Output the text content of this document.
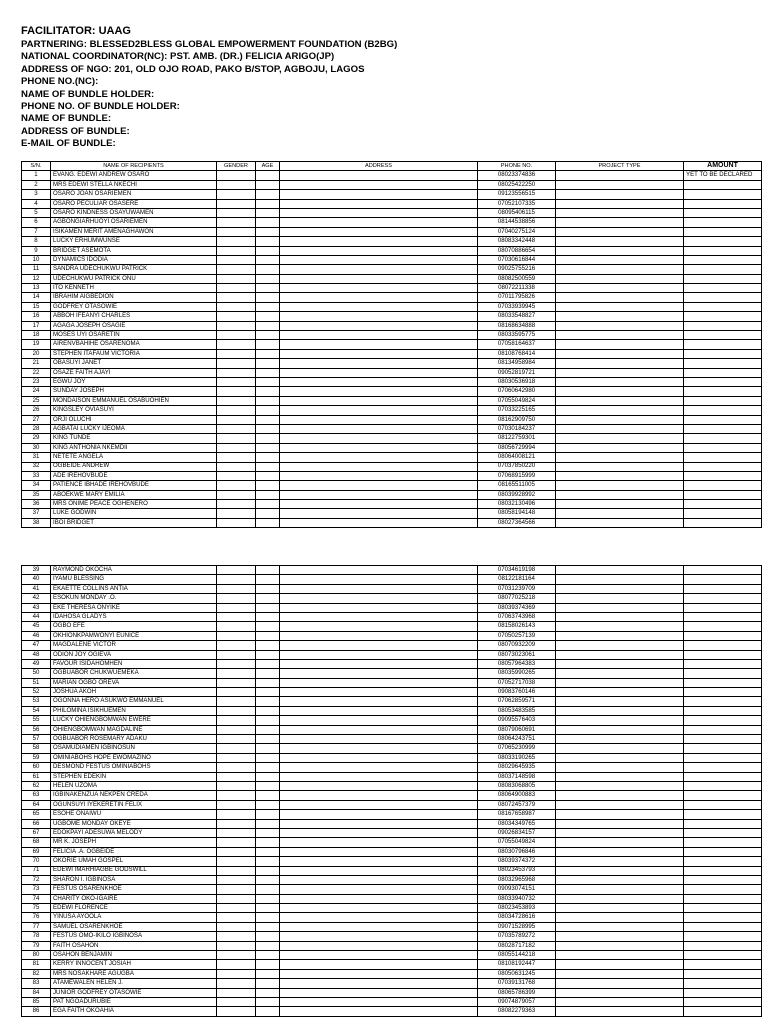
FACILITATOR: UAAG
PARTNERING: BLESSED2BLESS GLOBAL EMPOWERMENT FOUNDATION (B2BG)
NATIONAL COORDINATOR(NC): PST. AMB. (DR.) FELICIA ARIGO(JP)
ADDRESS OF NGO: 201, OLD OJO ROAD, PAKO B/STOP, AGBOJU, LAGOS
PHONE NO.(NC):
NAME OF BUNDLE HOLDER:
PHONE NO. OF BUNDLE HOLDER:
NAME OF BUNDLE:
ADDRESS OF BUNDLE:
E-MAIL OF BUNDLE:
S/N.	NAME OF RECIPIENTS	GENDER	AGE	ADDRESS	PHONE NO.	PROJECT TYPE	AMOUNT
1	EVANG. EDEWI ANDREW OSARO				08023374836		YET TO BE DECLARED
2	MRS EDEWI STELLA NKECHI				08025422250		
3	OSARO JOAN OSARIEMEN				09123556515		
4	OSARO PECULIAR OSASERE				07052107335		
5	OSARO KINDNESS OSAYUWAMEN				08095406115		
6	AGBONGIARHUOYI OSARIEMEN				08144538856		
7	ISIKAMEN MERIT AMENAGHAWON				07040275124		
8	LUCKY ERHUMWUNSE				08083342448		
9	BRIDGET ASEMOTA				08070886654		
10	DYNAMICS IDODIA				07030616844		
11	SANDRA UDECHUKWU PATRICK				09025755216		
12	UDECHUKWU PATRICK ONU				08082500559		
13	ITO KENNETH				08072211338		
14	IBRAHIM AIGBEDION				07011795826		
15	GODFREY OTASOWIE				07033939945		
16	ABBOH IFEANYI CHARLES				08033548827		
17	AGAGA JOSEPH OSAGIE				08168634888		
18	MOSES UYI OSARETIN				08033595775		
19	AIRENVBAHIHE OSARENOMA				07058164637		
20	STEPHEN ITAFAUM VICTORIA				08108768414		
21	OBASUYI JANET				08134958984		
22	OSAZE FAITH AJAYI				09052819721		
23	EGWU JOY				08030536918		
24	SUNDAY JOSEPH				07060642980		
25	MONDAISON EMMANUEL OSABUOHIEN				07055049824		
26	KINGSLEY OVIASUYI				07033225165		
27	ORJI OLUCHI				08162909750		
28	AGBATAI LUCKY IJEOMA				07030184237		
29	KING TUNDE				08122759301		
30	KING ANTHONIA NKEMDII				08056729994		
31	NETETE ANGELA				08064008121		
32	OGBEIDE ANDREW				07037850220		
33	ADE IREHOVBUDE				07068915999		
34	PATIENCE IBHADE IREHOVBUDE				08165511005		
35	ABOEKWE MARY EMILIA				08039928992		
36	MRS ONIME PEACE OGHENERO				08032130496		
37	LUKE GODWIN				08058194148		
38	IBOI BRIDGET				08027364566		
39	RAYMOND OKOCHA				07034619198		
40	IYAMU BLESSING				08122181164		
41	EKAETTE COLLINS ANTIA				07031239709		
42	ESOKUN MONDAY .O.				08077025218		
43	EKE THERESA ONYIKE				08039374369		
44	IDAHOSA GLADYS				07063743968		
45	OGBO EFE				08158026143		
46	OKHIONKPAMWONYI EUNICE				07050257139		
47	MAGDALENE VICTOR				08070932209		
48	ODION JOY OGIEVA				08073023061		
49	FAVOUR ISIDAHOMHEN				08057964383		
50	OGBUABOR CHUKWUEMEKA				08035990265		
51	MARIAN OGBO OREVA				07052717038		
52	JOSHUA AKOH				09083760146		
53	OGONNA HERO ASUKWO EMMANUEL				07062859571		
54	PHILOMINA ISIKHUEMEN				08053483585		
55	LUCKY OHIENGBOMWAN EWERE				09095576403		
56	OHIENGBOMWAN MAGDALINE				08079060691		
57	OGBUABOR ROSEMARY ADAKU				08064243751		
58	OSAMUDIAMEN IGBINOSUN				07065230999		
59	OMINIABOHS HOPE EWOMAZINO				08033190265		
60	DESMOND FESTUS OMINIABOHS				08029645935		
61	STEPHEN EDEKIN				08037148598		
62	HELEN UZOMA				08083068805		
63	IGBINAKENZUA NEKPEN CREDA				08064900883		
64	OGUNSUYI IYEKERETIN FELIX				08072457379		
65	ESOHE ONAIWU				08167658987		
66	UGBOME MONDAY OKEYE				08034349765		
67	EDOKPAYI ADESUWA MELODY				09026834157		
68	MR K. JOSEPH				07055049824		
69	FELICIA .A. OGBEIDE				08030796846		
70	OKORIE UMAH GOSPEL				08039374372		
71	EDEWI IMARHIAGBE GODSWILL				08023453793		
72	SHARON I. IGBINOSA				08032965968		
73	FESTUS OSARENKHOE				09093074151		
74	CHARITY OKO-IGAIRE				08033940732		
75	EDEWI FLORENCE				08023453893		
76	YINUSA AYOOLA				08034728616		
77	SAMUEL OSARENKHOE				09071528995		
78	FESTUS OMO-IKILO IGBINOSA				07035789272		
79	FAITH OSAHON				08028717182		
80	OSAHON BENJAMIN				08055144218		
81	KERRY INNOCENT JOSIAH				08108192447		
82	MRS NOSAKHARE AGUGBA				08050631245		
83	ATAMEWALEN HELEN J.				07039131768		
84	JUNIOR GODFREY OTASOWIE				08065786399		
85	PAT NGOADURUBIE				09074879057		
86	EGA FAITH OKOAHIA				08082279363		
